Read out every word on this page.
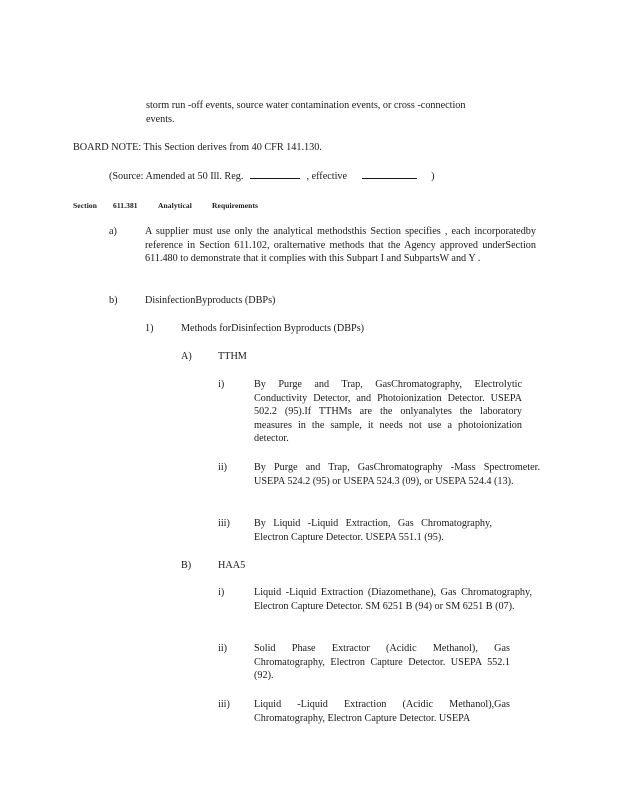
storm run -off events, source water contamination events, or cross -connection
events.
BOARD NOTE: This Section derives from 40 CFR 141.130.
(Source: Amended at 50 Ill. Reg.	, effective	)
Section 611.381	Analytical	Requirements
a)	A supplier must use only the analytical methodsthis Section specifies , each incorporatedby reference in Section 611.102, oralternative methods that the Agency approved underSection 611.480 to demonstrate that it complies with this Subpart I and SubpartsW and Y .
b)	DisinfectionByproducts (DBPs)
1)	Methods forDisinfection Byproducts (DBPs)
A)	TTHM
i)	By Purge and Trap, GasChromatography, Electrolytic Conductivity Detector, and Photoionization Detector. USEPA 502.2 (95).If TTHMs are the onlyanalytes the laboratory measures in the sample, it needs not use a photoionization detector.
ii)	By Purge and Trap, GasChromatography -Mass Spectrometer. USEPA 524.2 (95) or USEPA 524.3 (09), or USEPA 524.4 (13).
iii) By Liquid -Liquid Extraction, Gas Chromatography, Electron Capture Detector. USEPA 551.1 (95).
B)	HAA5
i)	Liquid -Liquid Extraction (Diazomethane), Gas Chromatography, Electron Capture Detector. SM 6251 B (94) or SM 6251 B (07).
ii)	Solid Phase Extractor (Acidic Methanol), Gas Chromatography, Electron Capture Detector. USEPA 552.1 (92).
iii) Liquid -Liquid Extraction (Acidic Methanol),Gas Chromatography, Electron Capture Detector. USEPA
